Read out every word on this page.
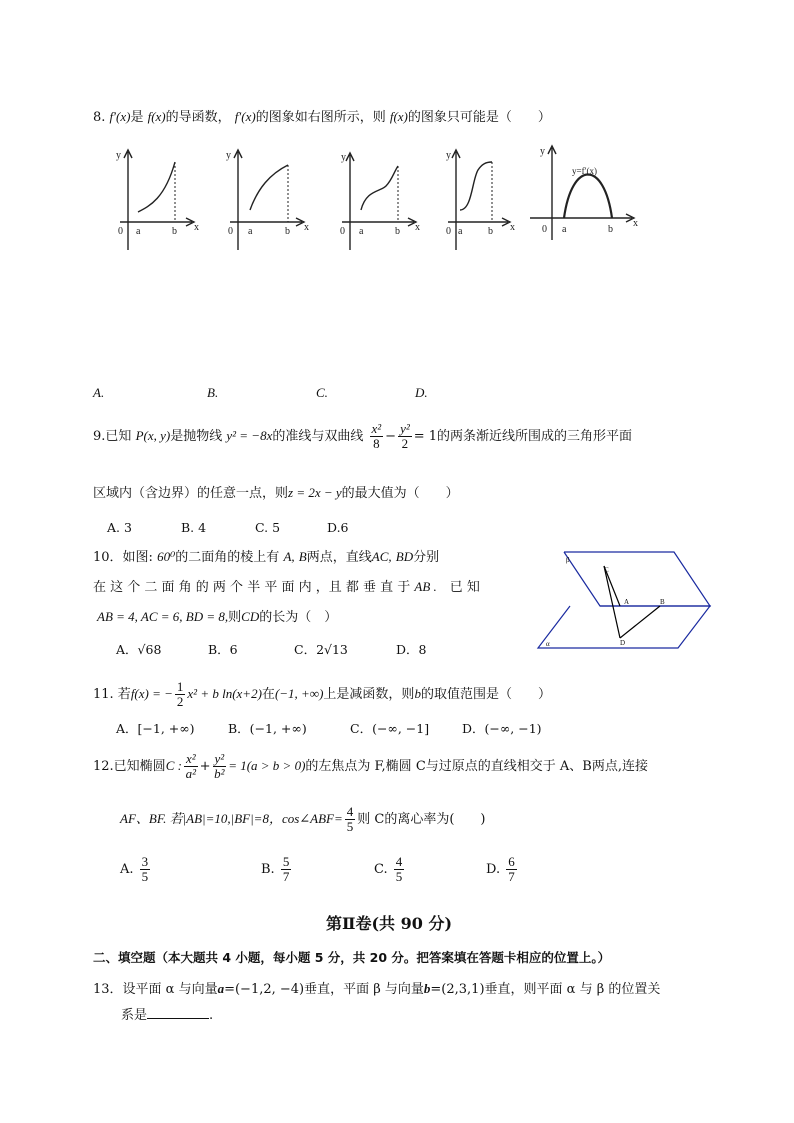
8. f′(x)是 f(x)的导函数， f′(x)的图象如右图所示，则 f(x)的图象只可能是（　　）
y
x
0 a	b
y
x
0 a	b
y
x
0 a	b
y
x
0 a	b
y
x
0 a	b
y=f′(x)
A.	B.	C.	D.
9.已知 P(x, y)是抛物线 y² = −8x的准线与双曲线 $\frac{\text{x²}}{8} - \frac{\text{y²}}{2} = 1$的两条渐近线所围成的三角形平面
区域内（含边界）的任意一点，则z = 2x − y的最大值为（　　）
A. 3	B. 4	C. 5	D.6
10．如图: 60⁰的二面角的棱上有 A, B两点，直线AC, BD分别
在 这 个 二 面 角 的 两 个 半 平 面 内 ，且 都 垂 直 于 AB .　 已 知
AB = 4, AC = 6, BD = 8,则CD的长为（　）
A．√68	B．6	C．2√13	D．8
β
α
C
A	B
D
11. 若f(x) = − $\frac{1}{2} x^2 + b$ ln(x+2)在(−1, +∞)上是减函数，则b的取值范围是（　　）
A．[−1, +∞)	B．(−1, +∞)	C．(−∞, −1]	D．(−∞, −1)
12.已知椭圆C : $\frac{\text{x²}}{\text{a²}} + \frac{\text{y²}}{\text{b²}} = 1(a > b > 0)$的左焦点为 F,椭圆 C与过原点的直线相交于 A、B两点,连接
AF、BF. 若|AB|=10,|BF|=8，cos∠ABF= $\frac{4}{5}$ 则 C的离心率为(　　)
A. $\frac{3}{5}$	B. $\frac{5}{7}$	C. $\frac{4}{5}$	D. $\frac{6}{7}$
第Ⅱ卷(共 90 分)
二、填空题（本大题共 4 小题，每小题 5 分，共 20 分。把答案填在答题卡相应的位置上。）
13．设平面 α 与向量a=(−1,2, −4)垂直，平面 β 与向量b=(2,3,1)垂直，则平面 α 与 β 的位置关
系是	.
